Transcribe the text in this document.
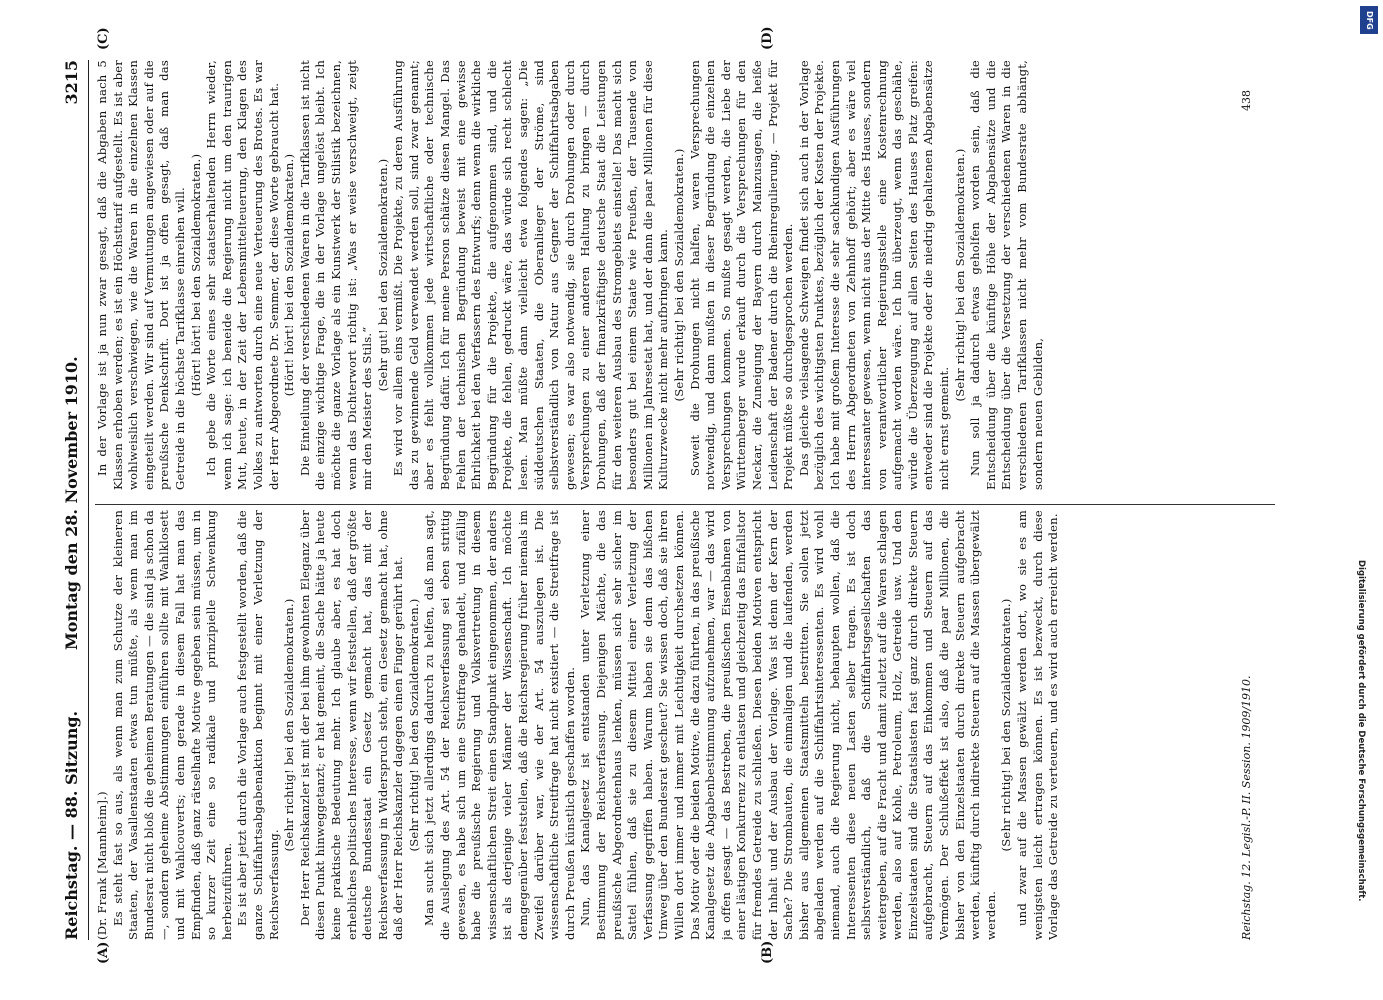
Reichstag. — 88. Sitzung.
Montag den 28. November 1910.
3215
(A)	(B)
(C)	(D)

(Dr. Frank [Mannheim].) Es steht fast so aus, als wenn man zum Schutze der kleineren Staaten, der Vasallenstaaten etwas tun müßte, als wenn man im Bundesrat nicht bloß die geheimen Beratungen — die sind ja schon da —, sondern geheime Abstimmungen einführen sollte mit Wahlklosett und mit Wahlcouverts; denn gerade in diesem Fall hat man das Empfinden, daß ganz rätselhafte Motive gegeben sein müssen, um in so kurzer Zeit eine so radikale und prinzipielle Schwenkung herbeizuführen. Es ist aber jetzt durch die Vorlage auch festgestellt worden, daß die ganze Schiffahrtsabgabenaktion beginnt mit einer Verletzung der Reichsverfassung.

(Sehr richtig! bei den Sozialdemokraten.) Der Herr Reichskanzler ist mit der bei ihm gewohnten Eleganz über diesen Punkt hinweggetanzt; er hat gemeint, die Sache hätte ja heute keine praktische Bedeutung mehr. Ich glaube aber, es hat doch erhebliches politisches Interesse, wenn wir feststellen, daß der größte deutsche Bundesstaat ein Gesetz gemacht hat, das mit der Reichsverfassung in Widerspruch steht, ein Gesetz gemacht hat, ohne daß der Herr Reichskanzler dagegen einen Finger gerührt hat. (Sehr richtig! bei den Sozialdemokraten.) Man sucht sich jetzt allerdings dadurch zu helfen, daß man sagt, die Auslegung des Art. 54 der Reichsverfassung sei eben strittig gewesen, es habe sich um eine Streitfrage gehandelt, und zufällig habe die preußische Regierung und Volksvertretung in diesem wissenschaftlichen Streit einen Standpunkt eingenommen, der anders ist als derjenige vieler Männer der Wissenschaft. Ich möchte demgegenüber feststellen, daß die Reichsregierung früher niemals im Zweifel darüber war, wie der Art. 54 auszulegen ist. Die wissenschaftliche Streitfrage hat nicht existiert — die Streitfrage ist durch Preußen künstlich geschaffen worden. Nun, das Kanalgesetz ist entstanden unter Verletzung einer Bestimmung der Reichsverfassung. Diejenigen Mächte, die das preußische Abgeordnetenhaus lenken, müssen sich sehr sicher im Sattel fühlen, daß sie zu diesem Mittel einer Verletzung der Verfassung gegriffen haben. Warum haben sie denn das bißchen Umweg über den Bundesrat gescheut? Sie wissen doch, daß sie ihren Willen dort immer und immer mit Leichtigkeit durchsetzen können. Das Motiv oder die beiden Motive, die dazu führten, in das preußische Kanalgesetz die Abgabenbestimmung aufzunehmen, war — das wird ja offen gesagt — das Bestreben, die preußischen Eisenbahnen von einer lästigen Konkurrenz zu entlasten und gleichzeitig das Einfallstor für fremdes Getreide zu schließen. Diesen beiden Motiven entspricht der Inhalt und der Ausbau der Vorlage. Was ist denn der Kern der Sache? Die Strombauten, die einmaligen und die laufenden, werden bisher aus allgemeinen Staatsmitteln bestritten. Sie sollen jetzt abgeladen werden auf die Schiffahrtsinteressenten. Es wird wohl niemand, auch die Regierung nicht, behaupten wollen, daß die Interessenten diese neuen Lasten selber tragen. Es ist doch selbstverständlich, daß die Schiffahrtsgesellschaften das weitergeben, auf die Fracht und damit zuletzt auf die Waren schlagen werden, also auf Kohle, Petroleum, Holz, Getreide usw. Und den Einzelstaaten sind die Staatslasten fast ganz durch direkte Steuern aufgebracht, Steuern auf das Einkommen und Steuern auf das Vermögen. Der Schlußeffekt ist also, daß die paar Millionen, die bisher von den Einzelstaaten durch direkte Steuern aufgebracht werden, künftig durch indirekte Steuern auf die Massen übergewälzt werden.

(Sehr richtig! bei den Sozialdemokraten.) und zwar auf die Massen gewälzt werden dort, wo sie es am wenigsten leicht ertragen können. Es ist bezweckt, durch diese Vorlage das Getreide zu verteuern, und es wird auch erreicht werden.

In der Vorlage ist ja nun zwar gesagt, daß die Abgaben nach 5 Klassen erhoben werden; es ist ein Höchsttarif aufgestellt. Es ist aber wohlweislich verschwiegen, wie die Waren in die einzelnen Klassen eingeteilt werden. Wir sind auf Vermutungen angewiesen oder auf die preußische Denkschrift. Dort ist ja offen gesagt, daß man das Getreide in die höchste Tarifklasse einreihen will. (Hört! hört! bei den Sozialdemokraten.) Ich gebe die Worte eines sehr staatserhaltenden Herrn wieder, wenn ich sage: ich beneide die Regierung nicht um den traurigen Mut, heute, in der Zeit der Lebensmittelteuerung, den Klagen des Volkes zu antworten durch eine neue Verteuerung des Brotes. Es war der Herr Abgeordnete Dr. Semmer, der diese Worte gebraucht hat. (Hört! hört! bei den Sozialdemokraten.) Die Einteilung der verschiedenen Waren in die Tarifklassen ist nicht die einzige wichtige Frage, die in der Vorlage ungelöst bleibt. Ich möchte die ganze Vorlage als ein Kunstwerk der Stilistik bezeichnen, wenn das Dichterwort richtig ist: „Was er weise verschweigt, zeigt mir den Meister des Stils.“

(Sehr gut! bei den Sozialdemokraten.) Es wird vor allem eins vermißt. Die Projekte, zu deren Ausführung das zu gewinnende Geld verwendet werden soll, sind zwar genannt; aber es fehlt vollkommen jede wirtschaftliche oder technische Begründung dafür. Ich für meine Person schätze diesen Mangel. Das Fehlen der technischen Begründung beweist mit eine gewisse Ehrlichkeit bei den Verfassern des Entwurfs; denn wenn die wirkliche Begründung für die Projekte, die aufgenommen sind, und die Projekte, die fehlen, gedruckt wäre, das würde sich recht schlecht lesen. Man müßte dann vielleicht etwa folgendes sagen: „Die süddeutschen Staaten, die Oberanlieger der Ströme, sind selbstverständlich von Natur aus Gegner der Schiffahrtsabgaben gewesen; es war also notwendig, sie durch Drohungen oder durch Versprechungen zu einer anderen Haltung zu bringen — durch Drohungen, daß der finanzkräftigste deutsche Staat die Leistungen für den weiteren Ausbau des Stromgebiets einstelle! Das macht sich besonders gut bei einem Staate wie Preußen, der Tausende von Millionen im Jahresetat hat, und der dann die paar Millionen für diese Kulturzwecke nicht mehr aufbringen kann. (Sehr richtig! bei den Sozialdemokraten.) Soweit die Drohungen nicht halfen, waren Versprechungen notwendig, und dann mußten in dieser Begründung die einzelnen Versprechungen kommen. So mußte gesagt werden, die Liebe der Württemberger wurde erkauft durch die Versprechungen für den Neckar, die Zuneigung der Bayern durch Mainzusagen, die heiße Leidenschaft der Badener durch die Rheinregulierung. — Projekt für Projekt müßte so durchgesprochen werden. Das gleiche vielsagende Schweigen findet sich auch in der Vorlage bezüglich des wichtigsten Punktes, bezüglich der Kosten der Projekte. Ich habe mit großem Interesse die sehr sachkundigen Ausführungen des Herrn Abgeordneten von Zehnhoff gehört; aber es wäre viel interessanter gewesen, wenn nicht aus der Mitte des Hauses, sondern von verantwortlicher Regierungsstelle eine Kostenrechnung aufgemacht worden wäre. Ich bin überzeugt, wenn das geschähe, würde die Überzeugung auf allen Seiten des Hauses Platz greifen: entweder sind die Projekte oder die niedrig gehaltenen Abgabensätze nicht ernst gemeint.

(Sehr richtig! bei den Sozialdemokraten.) Nun soll ja dadurch etwas geholfen worden sein, daß die Entscheidung über die künftige Höhe der Abgabensätze und die Entscheidung über die Versetzung der verschiedenen Waren in die verschiedenen Tarifklassen nicht mehr vom Bundesrate abhängt, sondern neuen Gebilden,

Reichstag. 12. Legisl.-P. II. Session. 1909/1910.
438
DFG
Digitalisierung gefördert durch die Deutsche Forschungsgemeinschaft.
